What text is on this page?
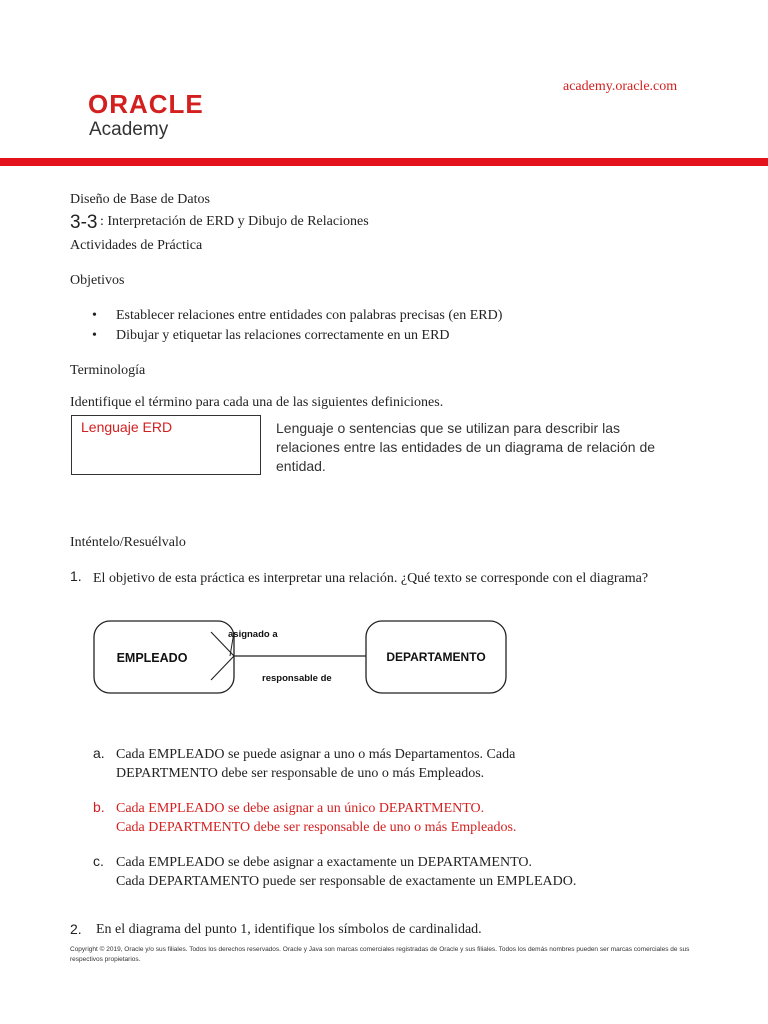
ORACLE
Academy
academy.oracle.com
Diseño de Base de Datos
3-3 : Interpretación de ERD y Dibujo de Relaciones
Actividades de Práctica
Objetivos
• Establecer relaciones entre entidades con palabras precisas (en ERD)
• Dibujar y etiquetar las relaciones correctamente en un ERD
Terminología
Identifique el término para cada una de las siguientes definiciones.
Lenguaje ERD	Lenguaje o sentencias que se utilizan para describir las relaciones entre las entidades de un diagrama de relación de entidad.
Inténtelo/Resuélvalo
1. El objetivo de esta práctica es interpretar una relación. ¿Qué texto se corresponde con el diagrama?
EMPLEADO	DEPARTAMENTO
asignado a
responsable de
a. Cada EMPLEADO se puede asignar a uno o más Departamentos. Cada
DEPARTMENTO debe ser responsable de uno o más Empleados.
b. Cada EMPLEADO se debe asignar a un único DEPARTMENTO.
Cada DEPARTMENTO debe ser responsable de uno o más Empleados.
c. Cada EMPLEADO se debe asignar a exactamente un DEPARTAMENTO.
Cada DEPARTAMENTO puede ser responsable de exactamente un EMPLEADO.
2. En el diagrama del punto 1, identifique los símbolos de cardinalidad.
Copyright © 2019, Oracle y/o sus filiales. Todos los derechos reservados. Oracle y Java son marcas comerciales registradas de Oracle y sus filiales. Todos los demás nombres pueden ser marcas comerciales de sus respectivos propietarios.
